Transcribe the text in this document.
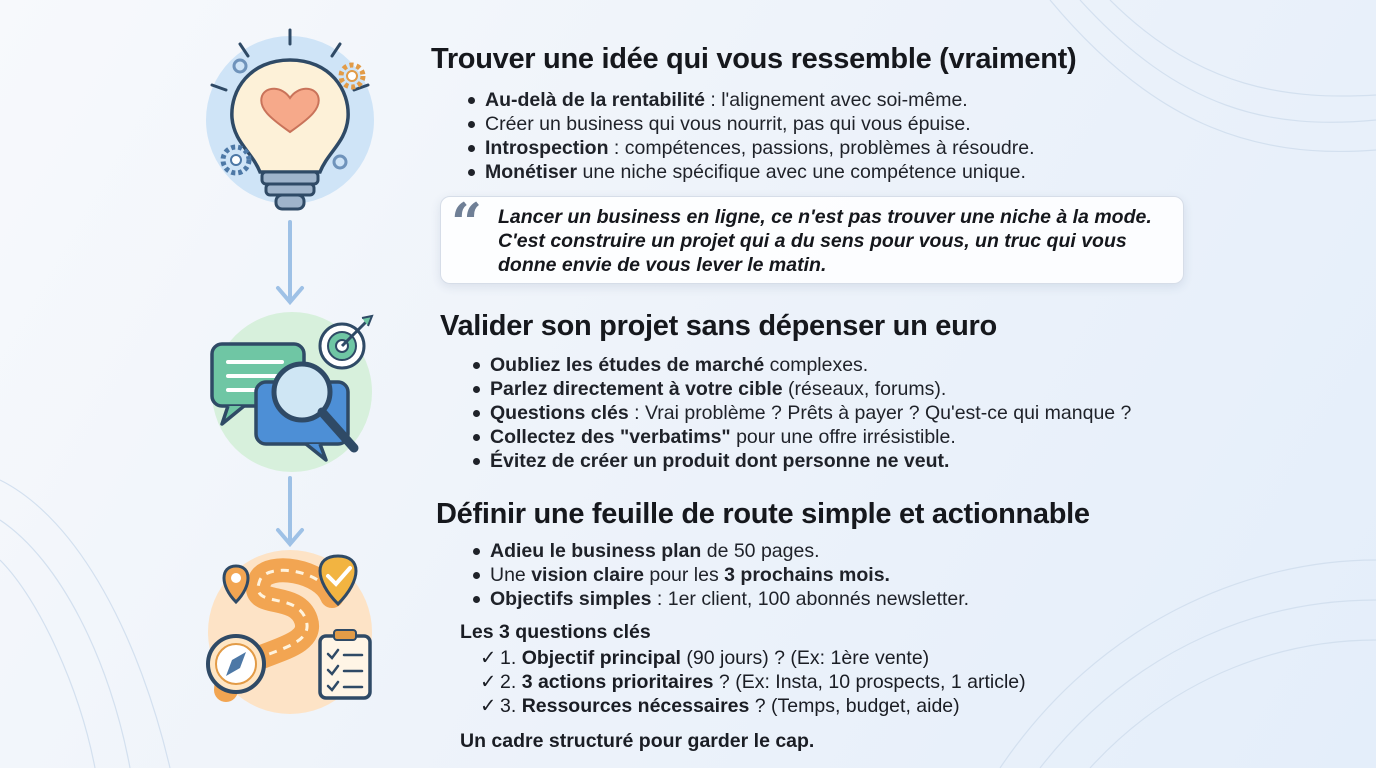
Trouver une idée qui vous ressemble (vraiment)
Au-delà de la rentabilité : l'alignement avec soi-même.
Créer un business qui vous nourrit, pas qui vous épuise.
Introspection : compétences, passions, problèmes à résoudre.
Monétiser une niche spécifique avec une compétence unique.
“ Lancer un business en ligne, ce n'est pas trouver une niche à la mode. C'est construire un projet qui a du sens pour vous, un truc qui vous donne envie de vous lever le matin.
Valider son projet sans dépenser un euro
Oubliez les études de marché complexes.
Parlez directement à votre cible (réseaux, forums).
Questions clés : Vrai problème ? Prêts à payer ? Qu'est-ce qui manque ?
Collectez des "verbatims" pour une offre irrésistible.
Évitez de créer un produit dont personne ne veut.
Définir une feuille de route simple et actionnable
Adieu le business plan de 50 pages.
Une vision claire pour les 3 prochains mois.
Objectifs simples : 1er client, 100 abonnés newsletter.

Les 3 questions clés

✓ 1. Objectif principal (90 jours) ? (Ex: 1ère vente)
✓ 2. 3 actions prioritaires ? (Ex: Insta, 10 prospects, 1 article)
✓ 3. Ressources nécessaires ? (Temps, budget, aide)
Un cadre structuré pour garder le cap.
